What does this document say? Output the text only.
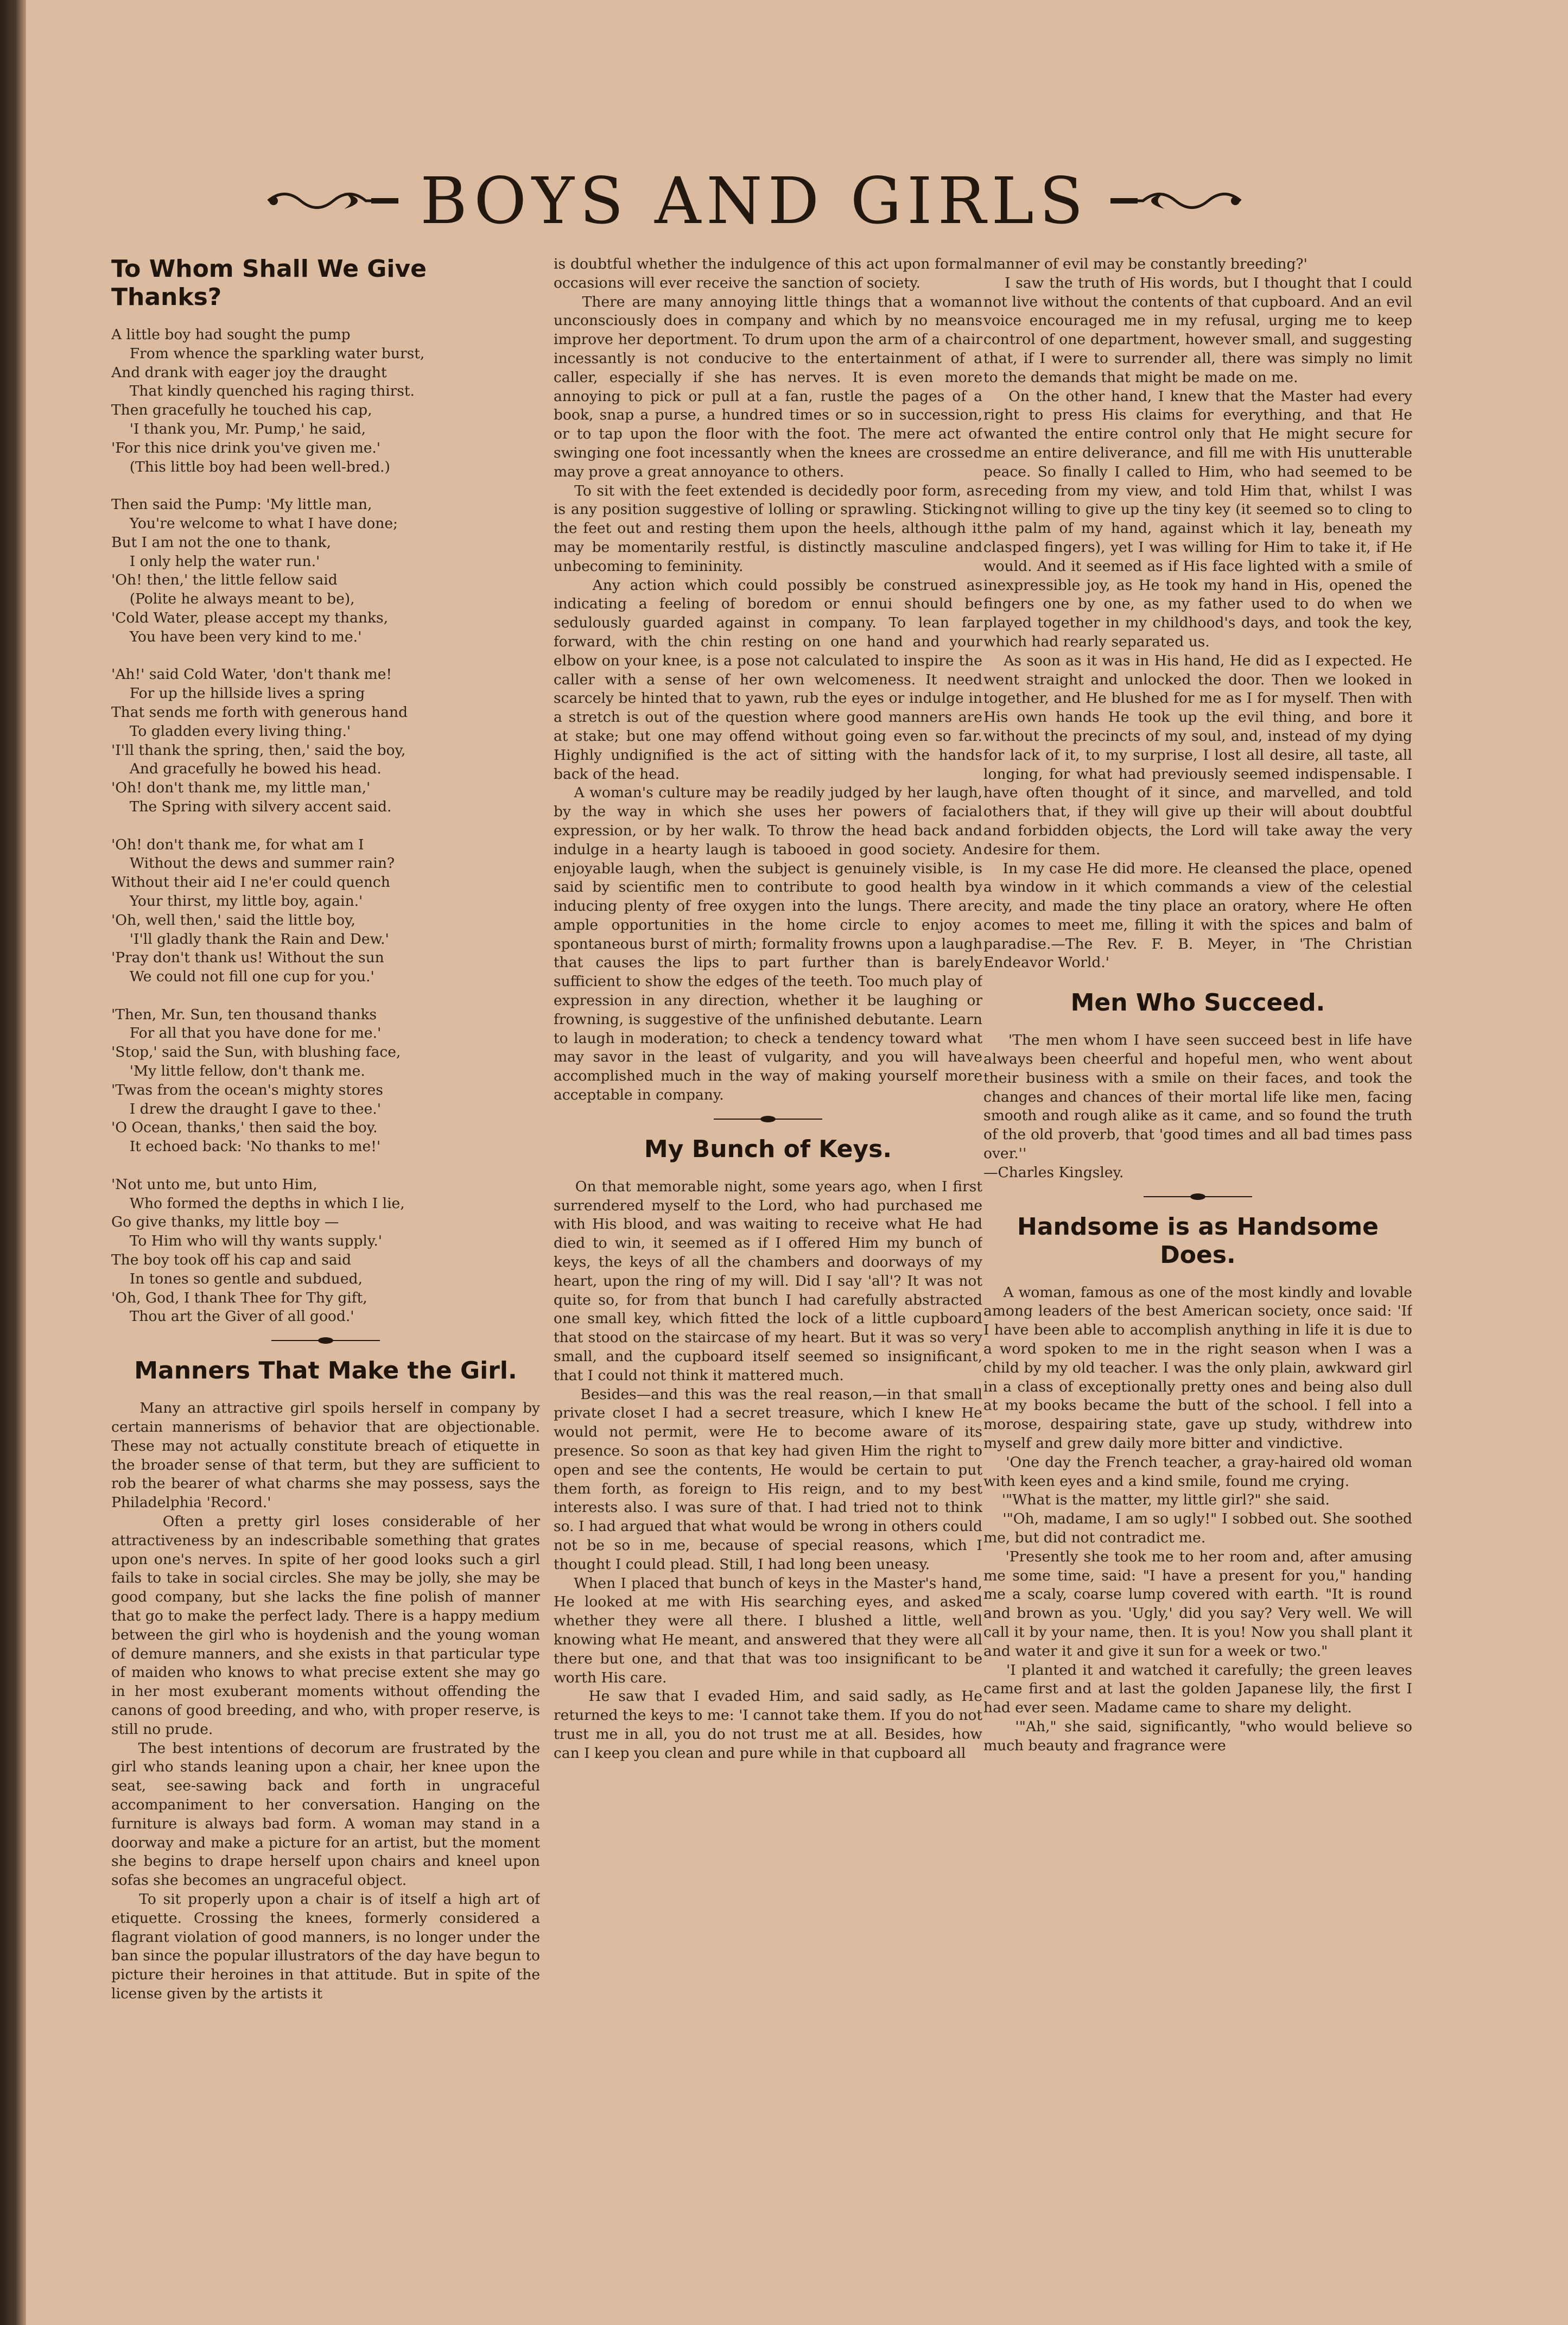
BOYS AND GIRLS
To Whom Shall We Give Thanks?

A little boy had sought the pump
From whence the sparkling water burst,
And drank with eager joy the draught
That kindly quenched his raging thirst.
Then gracefully he touched his cap,
'I thank you, Mr. Pump,' he said,
'For this nice drink you've given me.'
(This little boy had been well-bred.)

Then said the Pump: 'My little man,
You're welcome to what I have done;
But I am not the one to thank,
I only help the water run.'
'Oh! then,' the little fellow said
(Polite he always meant to be),
'Cold Water, please accept my thanks,
You have been very kind to me.'

'Ah!' said Cold Water, 'don't thank me!
For up the hillside lives a spring
That sends me forth with generous hand
To gladden every living thing.'
'I'll thank the spring, then,' said the boy,
And gracefully he bowed his head.
'Oh! don't thank me, my little man,'
The Spring with silvery accent said.

'Oh! don't thank me, for what am I
Without the dews and summer rain?
Without their aid I ne'er could quench
Your thirst, my little boy, again.'
'Oh, well then,' said the little boy,
'I'll gladly thank the Rain and Dew.'
'Pray don't thank us! Without the sun
We could not fill one cup for you.'

'Then, Mr. Sun, ten thousand thanks
For all that you have done for me.'
'Stop,' said the Sun, with blushing face,
'My little fellow, don't thank me.
'Twas from the ocean's mighty stores
I drew the draught I gave to thee.'
'O Ocean, thanks,' then said the boy.
It echoed back: 'No thanks to me!'

'Not unto me, but unto Him,
Who formed the depths in which I lie,
Go give thanks, my little boy —
To Him who will thy wants supply.'
The boy took off his cap and said
In tones so gentle and subdued,
'Oh, God, I thank Thee for Thy gift,
Thou art the Giver of all good.'

Manners That Make the Girl.

Many an attractive girl spoils herself in company by certain mannerisms of behavior that are objectionable. These may not actually constitute breach of etiquette in the broader sense of that term, but they are sufficient to rob the bearer of what charms she may possess, says the Philadelphia 'Record.'
Often a pretty girl loses considerable of her attractiveness by an indescribable something that grates upon one's nerves. In spite of her good looks such a girl fails to take in social circles. She may be jolly, she may be good company, but she lacks the fine polish of manner that go to make the perfect lady. There is a happy medium between the girl who is hoydenish and the young woman of demure manners, and she exists in that particular type of maiden who knows to what precise extent she may go in her most exuberant moments without offending the canons of good breeding, and who, with proper reserve, is still no prude.
The best intentions of decorum are frustrated by the girl who stands leaning upon a chair, her knee upon the seat, see-sawing back and forth in ungraceful accompaniment to her conversation. Hanging on the furniture is always bad form. A woman may stand in a doorway and make a picture for an artist, but the moment she begins to drape herself upon chairs and kneel upon sofas she becomes an ungraceful object.
To sit properly upon a chair is of itself a high art of etiquette. Crossing the knees, formerly considered a flagrant violation of good manners, is no longer under the ban since the popular illustrators of the day have begun to picture their heroines in that attitude. But in spite of the license given by the artists it

is doubtful whether the indulgence of this act upon formal occasions will ever receive the sanction of society.
There are many annoying little things that a woman unconsciously does in company and which by no means improve her deportment. To drum upon the arm of a chair incessantly is not conducive to the entertainment of a caller, especially if she has nerves. It is even more annoying to pick or pull at a fan, rustle the pages of a book, snap a purse, a hundred times or so in succession, or to tap upon the floor with the foot. The mere act of swinging one foot incessantly when the knees are crossed may prove a great annoyance to others.
To sit with the feet extended is decidedly poor form, as is any position suggestive of lolling or sprawling. Sticking the feet out and resting them upon the heels, although it may be momentarily restful, is distinctly masculine and unbecoming to femininity.
Any action which could possibly be construed as indicating a feeling of boredom or ennui should be sedulously guarded against in company. To lean far forward, with the chin resting on one hand and your elbow on your knee, is a pose not calculated to inspire the caller with a sense of her own welcomeness. It need scarcely be hinted that to yawn, rub the eyes or indulge in a stretch is out of the question where good manners are at stake; but one may offend without going even so far. Highly undignified is the act of sitting with the hands back of the head.
A woman's culture may be readily judged by her laugh, by the way in which she uses her powers of facial expression, or by her walk. To throw the head back and indulge in a hearty laugh is tabooed in good society. An enjoyable laugh, when the subject is genuinely visible, is said by scientific men to contribute to good health by inducing plenty of free oxygen into the lungs. There are ample opportunities in the home circle to enjoy a spontaneous burst of mirth; formality frowns upon a laugh that causes the lips to part further than is barely sufficient to show the edges of the teeth. Too much play of expression in any direction, whether it be laughing or frowning, is suggestive of the unfinished debutante. Learn to laugh in moderation; to check a tendency toward what may savor in the least of vulgarity, and you will have accomplished much in the way of making yourself more acceptable in company.

My Bunch of Keys.

On that memorable night, some years ago, when I first surrendered myself to the Lord, who had purchased me with His blood, and was waiting to receive what He had died to win, it seemed as if I offered Him my bunch of keys, the keys of all the chambers and doorways of my heart, upon the ring of my will. Did I say 'all'? It was not quite so, for from that bunch I had carefully abstracted one small key, which fitted the lock of a little cupboard that stood on the staircase of my heart. But it was so very small, and the cupboard itself seemed so insignificant, that I could not think it mattered much.
Besides—and this was the real reason,—in that small private closet I had a secret treasure, which I knew He would not permit, were He to become aware of its presence. So soon as that key had given Him the right to open and see the contents, He would be certain to put them forth, as foreign to His reign, and to my best interests also. I was sure of that. I had tried not to think so. I had argued that what would be wrong in others could not be so in me, because of special reasons, which I thought I could plead. Still, I had long been uneasy.
When I placed that bunch of keys in the Master's hand, He looked at me with His searching eyes, and asked whether they were all there. I blushed a little, well knowing what He meant, and answered that they were all there but one, and that that was too insignificant to be worth His care.
He saw that I evaded Him, and said sadly, as He returned the keys to me: 'I cannot take them. If you do not trust me in all, you do not trust me at all. Besides, how can I keep you clean and pure while in that cupboard all

manner of evil may be constantly breeding?'
I saw the truth of His words, but I thought that I could not live without the contents of that cupboard. And an evil voice encouraged me in my refusal, urging me to keep control of one department, however small, and suggesting that, if I were to surrender all, there was simply no limit to the demands that might be made on me.
On the other hand, I knew that the Master had every right to press His claims for everything, and that He wanted the entire control only that He might secure for me an entire deliverance, and fill me with His unutterable peace. So finally I called to Him, who had seemed to be receding from my view, and told Him that, whilst I was not willing to give up the tiny key (it seemed so to cling to the palm of my hand, against which it lay, beneath my clasped fingers), yet I was willing for Him to take it, if He would. And it seemed as if His face lighted with a smile of inexpressible joy, as He took my hand in His, opened the fingers one by one, as my father used to do when we played together in my childhood's days, and took the key, which had rearly separated us.
As soon as it was in His hand, He did as I expected. He went straight and unlocked the door. Then we looked in together, and He blushed for me as I for myself. Then with His own hands He took up the evil thing, and bore it without the precincts of my soul, and, instead of my dying for lack of it, to my surprise, I lost all desire, all taste, all longing, for what had previously seemed indispensable. I have often thought of it since, and marvelled, and told others that, if they will give up their will about doubtful and forbidden objects, the Lord will take away the very desire for them.
In my case He did more. He cleansed the place, opened a window in it which commands a view of the celestial city, and made the tiny place an oratory, where He often comes to meet me, filling it with the spices and balm of paradise.—The Rev. F. B. Meyer, in 'The Christian Endeavor World.'

Men Who Succeed.

'The men whom I have seen succeed best in life have always been cheerful and hopeful men, who went about their business with a smile on their faces, and took the changes and chances of their mortal life like men, facing smooth and rough alike as it came, and so found the truth of the old proverb, that 'good times and all bad times pass over.''

—Charles Kingsley.

Handsome is as Handsome Does.

A woman, famous as one of the most kindly and lovable among leaders of the best American society, once said: 'If I have been able to accomplish anything in life it is due to a word spoken to me in the right season when I was a child by my old teacher. I was the only plain, awkward girl in a class of exceptionally pretty ones and being also dull at my books became the butt of the school. I fell into a morose, despairing state, gave up study, withdrew into myself and grew daily more bitter and vindictive.
'One day the French teacher, a gray-haired old woman with keen eyes and a kind smile, found me crying.
'"What is the matter, my little girl?" she said.
'"Oh, madame, I am so ugly!" I sobbed out. She soothed me, but did not contradict me.
'Presently she took me to her room and, after amusing me some time, said: "I have a present for you," handing me a scaly, coarse lump covered with earth. "It is round and brown as you. 'Ugly,' did you say? Very well. We will call it by your name, then. It is you! Now you shall plant it and water it and give it sun for a week or two."
'I planted it and watched it carefully; the green leaves came first and at last the golden Japanese lily, the first I had ever seen. Madame came to share my delight.
'"Ah," she said, significantly, "who would believe so much beauty and fragrance were
